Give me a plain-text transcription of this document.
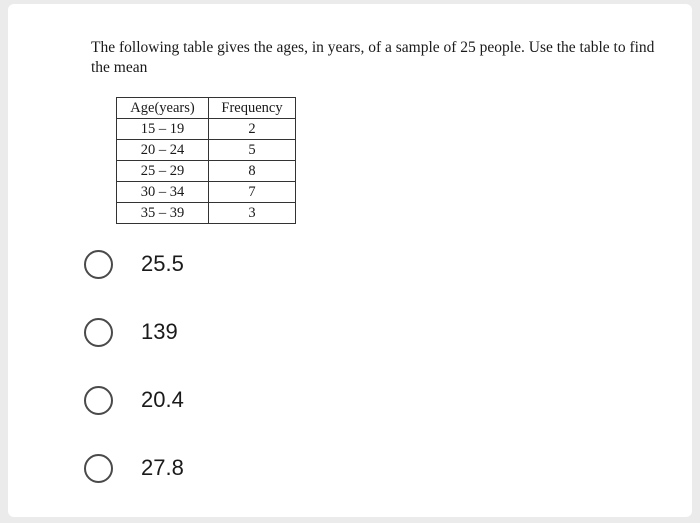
The following table gives the ages, in years, of a sample of 25 people. Use the table to find the mean
Age(years)	Frequency
15 – 19	2
20 – 24	5
25 – 29	8
30 – 34	7
35 – 39	3
25.5
139
20.4
27.8
